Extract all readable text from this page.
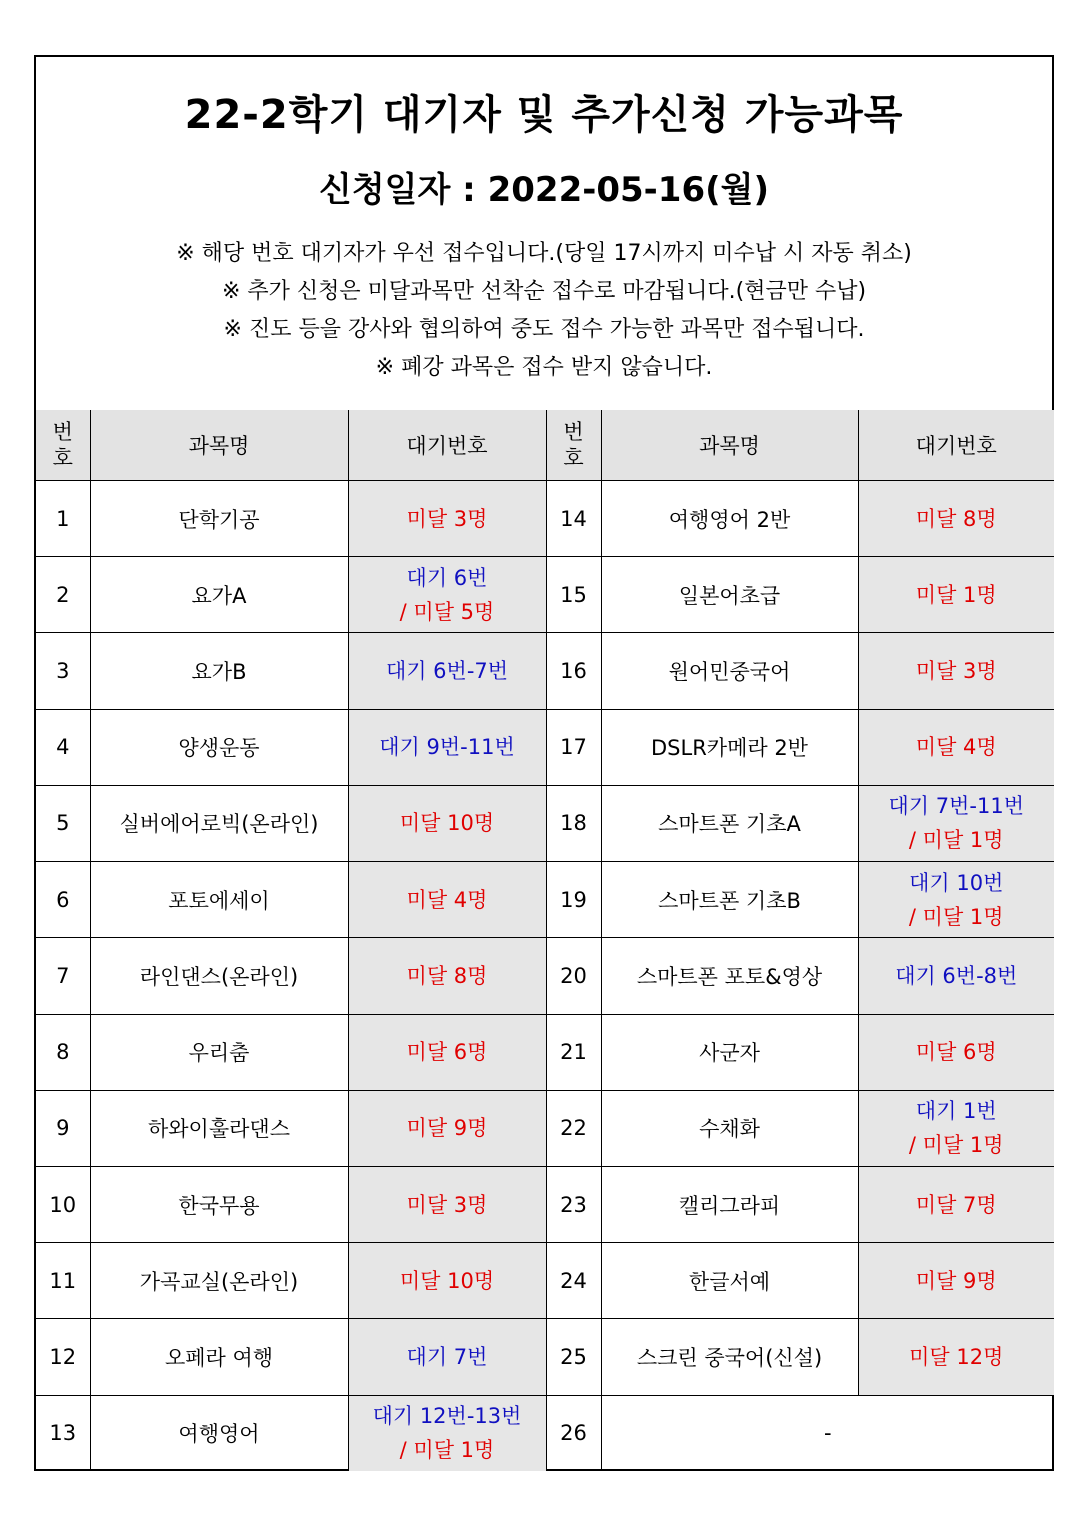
22-2학기 대기자 및 추가신청 가능과목
신청일자 : 2022-05-16(월)
※ 해당 번호 대기자가 우선 접수입니다.(당일 17시까지 미수납 시 자동 취소)
※ 추가 신청은 미달과목만 선착순 접수로 마감됩니다.(현금만 수납)
※ 진도 등을 강사와 협의하여 중도 접수 가능한 과목만 접수됩니다.
※ 폐강 과목은 접수 받지 않습니다.
번
호	과목명	대기번호	번
호	과목명	대기번호
1	단학기공	미달 3명	14	여행영어 2반	미달 8명

2	요가A	대기 6번
/ 미달 5명	15	일본어초급	미달 1명

3	요가B	대기 6번-7번	16	원어민중국어	미달 3명

4	양생운동	대기 9번-11번	17	DSLR카메라 2반	미달 4명

5	실버에어로빅(온라인)	미달 10명	18	스마트폰 기초A	대기 7번-11번
/ 미달 1명

6	포토에세이	미달 4명	19	스마트폰 기초B	대기 10번
/ 미달 1명

7	라인댄스(온라인)	미달 8명	20	스마트폰 포토&영상	대기 6번-8번

8	우리춤	미달 6명	21	사군자	미달 6명

9	하와이훌라댄스	미달 9명	22	수채화	대기 1번
/ 미달 1명

10	한국무용	미달 3명	23	캘리그라피	미달 7명

11	가곡교실(온라인)	미달 10명	24	한글서예	미달 9명

12	오페라 여행	대기 7번	25	스크린 중국어(신설)	미달 12명

13	여행영어	대기 12번-13번
/ 미달 1명	26	-	
